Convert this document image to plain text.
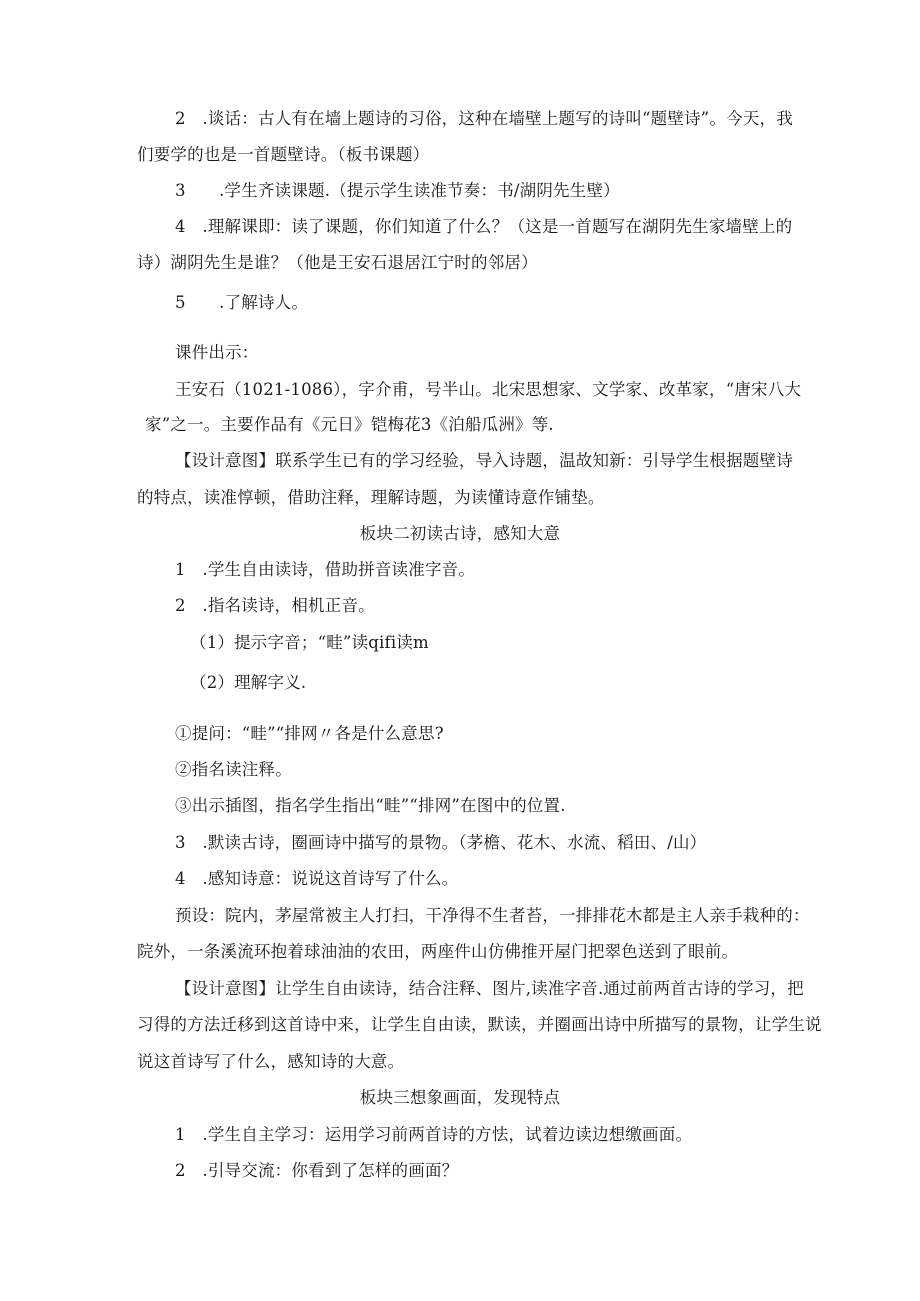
2　.谈话：古人有在墙上题诗的习俗，这种在墙壁上题写的诗叫“题壁诗”。今天，我
们要学的也是一首题壁诗。（板书课题）
3　　.学生齐读课题.（提示学生读准节奏：书/湖阴先生壁）
4　.理解课即：读了课题，你们知道了什么？（这是一首题写在湖阴先生家墙壁上的
诗）湖阴先生是谁？（他是王安石退居江宁时的邻居）
5　　.了解诗人。
课件出示：
王安石（1021-1086），字介甫，号半山。北宋思想家、文学家、改革家，“唐宋八大
家”之一。主要作品有《元日》铠梅花3《泊船瓜洲》等.
【设计意图】联系学生已有的学习经验，导入诗题，温故知新：引导学生根据题壁诗
的特点，读准惇顿，借助注释，理解诗题，为读懂诗意作铺垫。
板块二初读古诗，感知大意
1　.学生自由读诗，借助拼音读准字音。
2　.指名读诗，相机正音。
（1）提示字音；“畦”读qifi读m
（2）理解字义.
①提问：“畦”“排网〃各是什么意思?
②指名读注释。
③出示插图，指名学生指出“畦”“排网”在图中的位置.
3　.默读古诗，圈画诗中描写的景物。（茅檐、花木、水流、稻田、/山）
4　.感知诗意：说说这首诗写了什么。
预设：院内，茅屋常被主人打扫，干净得不生者苔，一排排花木都是主人亲手栽种的：
院外，一条溪流环抱着球油油的农田，两座件山仿佛推开屋门把翠色送到了眼前。
【设计意图】让学生自由读诗，结合注释、图片,读准字音.通过前两首古诗的学习，把
习得的方法迁移到这首诗中来，让学生自由读，默读，并圈画出诗中所描写的景物，让学生说
说这首诗写了什么，感知诗的大意。
板块三想象画面，发现特点
1　.学生自主学习：运用学习前两首诗的方怯，试着边读边想缴画面。
2　.引导交流：你看到了怎样的画面？
